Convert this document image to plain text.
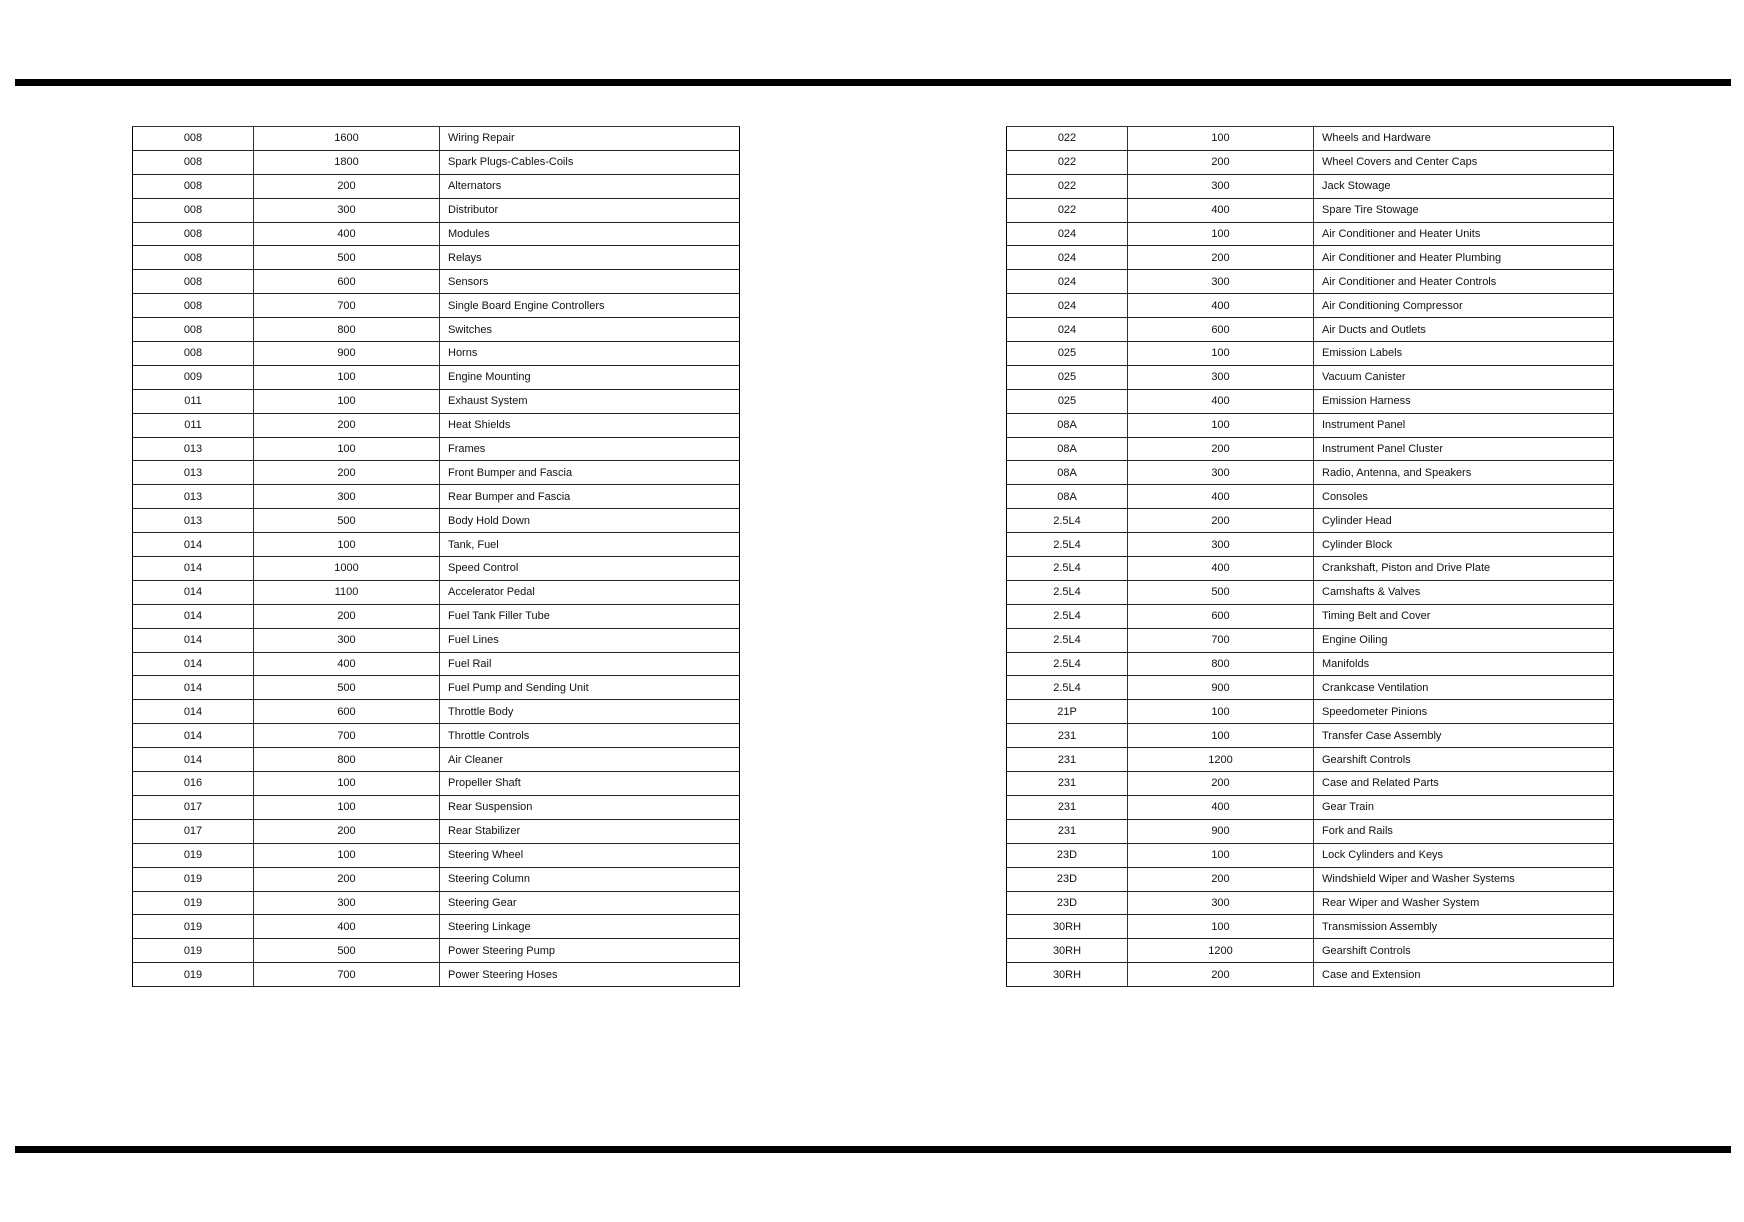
008	1600	Wiring Repair
008	1800	Spark Plugs-Cables-Coils
008	200	Alternators
008	300	Distributor
008	400	Modules
008	500	Relays
008	600	Sensors
008	700	Single Board Engine Controllers
008	800	Switches
008	900	Horns
009	100	Engine Mounting
011	100	Exhaust System
011	200	Heat Shields
013	100	Frames
013	200	Front Bumper and Fascia
013	300	Rear Bumper and Fascia
013	500	Body Hold Down
014	100	Tank, Fuel
014	1000	Speed Control
014	1100	Accelerator Pedal
014	200	Fuel Tank Filler Tube
014	300	Fuel Lines
014	400	Fuel Rail
014	500	Fuel Pump and Sending Unit
014	600	Throttle Body
014	700	Throttle Controls
014	800	Air Cleaner
016	100	Propeller Shaft
017	100	Rear Suspension
017	200	Rear Stabilizer
019	100	Steering Wheel
019	200	Steering Column
019	300	Steering Gear
019	400	Steering Linkage
019	500	Power Steering Pump
019	700	Power Steering Hoses
022	100	Wheels and Hardware
022	200	Wheel Covers and Center Caps
022	300	Jack Stowage
022	400	Spare Tire Stowage
024	100	Air Conditioner and Heater Units
024	200	Air Conditioner and Heater Plumbing
024	300	Air Conditioner and Heater Controls
024	400	Air Conditioning Compressor
024	600	Air Ducts and Outlets
025	100	Emission Labels
025	300	Vacuum Canister
025	400	Emission Harness
08A	100	Instrument Panel
08A	200	Instrument Panel Cluster
08A	300	Radio, Antenna, and Speakers
08A	400	Consoles
2.5L4	200	Cylinder Head
2.5L4	300	Cylinder Block
2.5L4	400	Crankshaft, Piston and Drive Plate
2.5L4	500	Camshafts & Valves
2.5L4	600	Timing Belt and Cover
2.5L4	700	Engine Oiling
2.5L4	800	Manifolds
2.5L4	900	Crankcase Ventilation
21P	100	Speedometer Pinions
231	100	Transfer Case Assembly
231	1200	Gearshift Controls
231	200	Case and Related Parts
231	400	Gear Train
231	900	Fork and Rails
23D	100	Lock Cylinders and Keys
23D	200	Windshield Wiper and Washer Systems
23D	300	Rear Wiper and Washer System
30RH	100	Transmission Assembly
30RH	1200	Gearshift Controls
30RH	200	Case and Extension
